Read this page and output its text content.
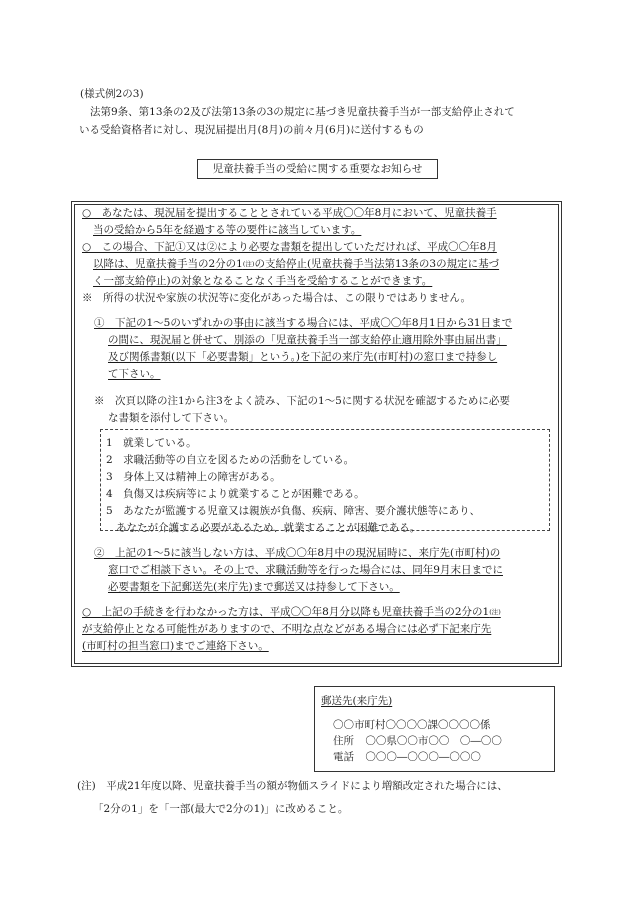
(様式例2の3)
法第9条、第13条の2及び法第13条の3の規定に基づき児童扶養手当が一部支給停止されて
いる受給資格者に対し、現況届提出月(8月)の前々月(6月)に送付するもの
児童扶養手当の受給に関する重要なお知らせ
○　あなたは、現況届を提出することとされている平成〇〇年8月において、児童扶養手
当の受給から5年を経過する等の要件に該当しています。
○　この場合、下記①又は②により必要な書類を提出していただければ、平成〇〇年8月
以降は、児童扶養手当の2分の1(注)の支給停止(児童扶養手当法第13条の3の規定に基づ
く一部支給停止)の対象となることなく手当を受給することができます。
※　所得の状況や家族の状況等に変化があった場合は、この限りではありません。
①　下記の1～5のいずれかの事由に該当する場合には、平成〇〇年8月1日から31日まで
の間に、現況届と併せて、別添の「児童扶養手当一部支給停止適用除外事由届出書」
及び関係書類(以下「必要書類」という。)を下記の来庁先(市町村)の窓口まで持参し
て下さい。
※　次頁以降の注1から注3をよく読み、下記の1～5に関する状況を確認するために必要
な書類を添付して下さい。
1　就業している。
2　求職活動等の自立を図るための活動をしている。
3　身体上又は精神上の障害がある。
4　負傷又は疾病等により就業することが困難である。
5　あなたが監護する児童又は親族が負傷、疾病、障害、要介護状態等にあり、
あなたが介護する必要があるため、就業することが困難である。
②　上記の1～5に該当しない方は、平成〇〇年8月中の現況届時に、来庁先(市町村)の
窓口でご相談下さい。その上で、求職活動等を行った場合には、同年9月末日までに
必要書類を下記郵送先(来庁先)まで郵送又は持参して下さい。
○　上記の手続きを行わなかった方は、平成〇〇年8月分以降も児童扶養手当の2分の1(注)
が支給停止となる可能性がありますので、不明な点などがある場合には必ず下記来庁先
(市町村の担当窓口)までご連絡下さい。
郵送先(来庁先)
〇〇市町村〇〇〇〇課〇〇〇〇係
住所 〇〇県〇〇市〇〇　〇―〇〇
電話 〇〇〇―〇〇〇―〇〇〇
(注)　平成21年度以降、児童扶養手当の額が物価スライドにより増額改定された場合には、
「2分の1」を「一部(最大で2分の1)」に改めること。
